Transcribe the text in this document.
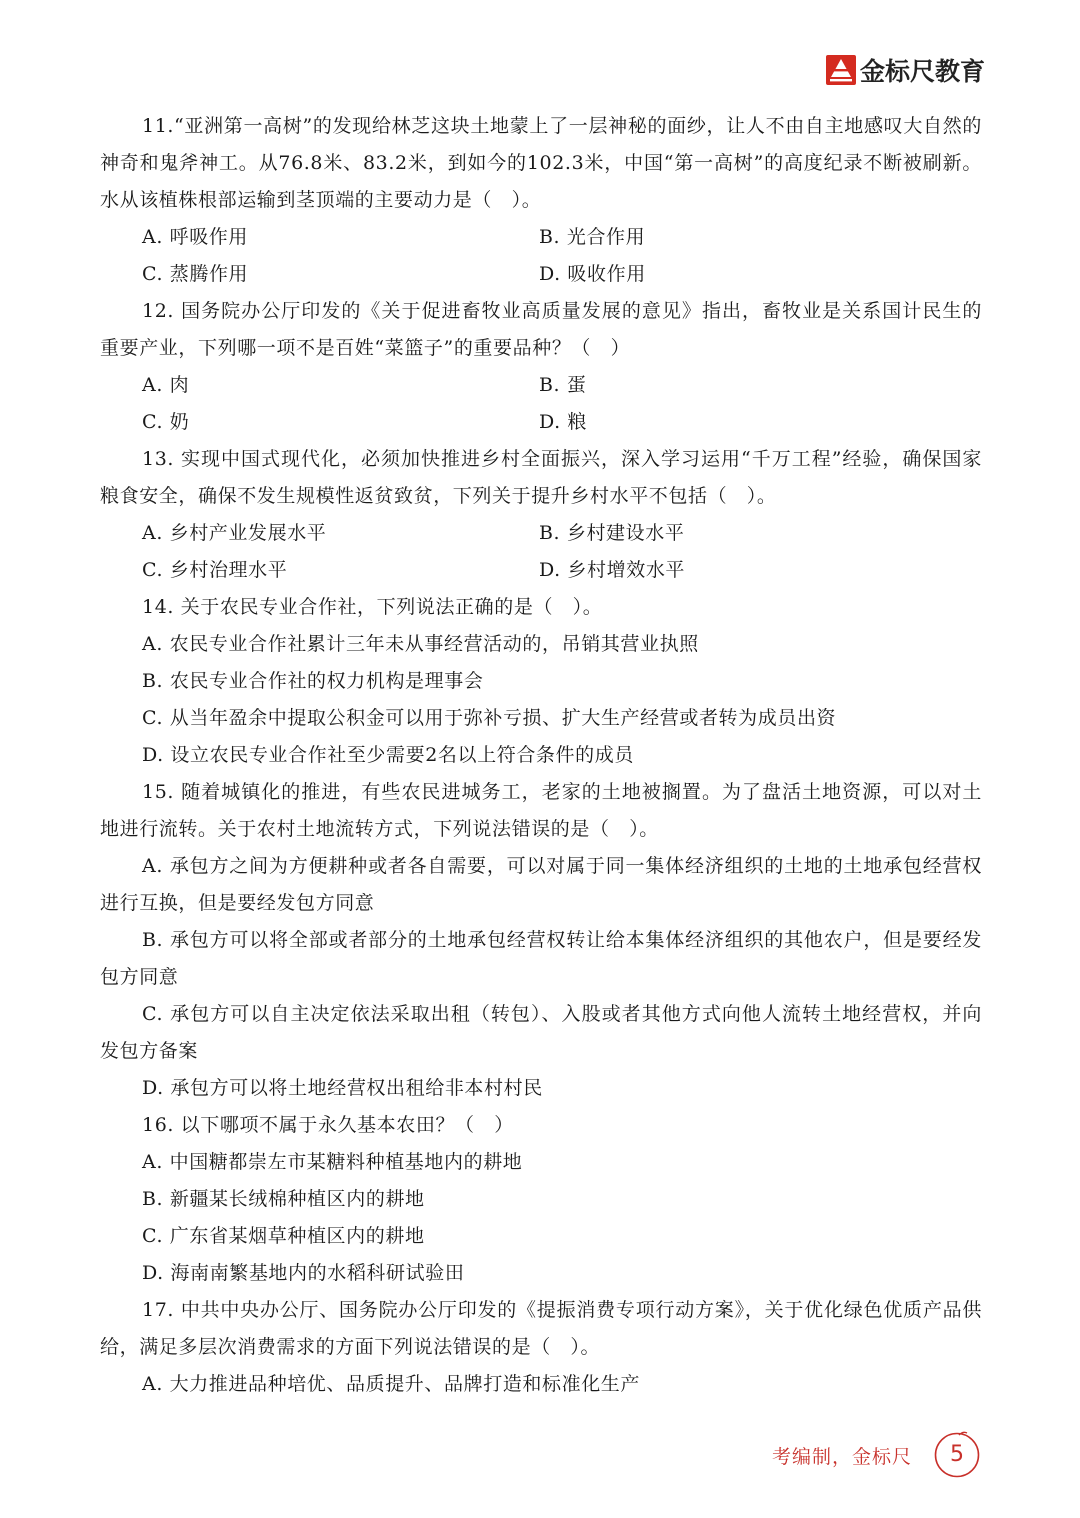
金标尺教育

11.“亚洲第一高树”的发现给林芝这块土地蒙上了一层神秘的面纱，让人不由自主地感叹大自然的神奇和鬼斧神工。从76.8米、83.2米，到如今的102.3米，中国“第一高树”的高度纪录不断被刷新。水从该植株根部运输到茎顶端的主要动力是（　）。

A. 呼吸作用	B. 光合作用

C. 蒸腾作用	D. 吸收作用

12. 国务院办公厅印发的《关于促进畜牧业高质量发展的意见》指出，畜牧业是关系国计民生的重要产业，下列哪一项不是百姓“菜篮子”的重要品种？（　）

A. 肉	B. 蛋

C. 奶	D. 粮

13. 实现中国式现代化，必须加快推进乡村全面振兴，深入学习运用“千万工程”经验，确保国家粮食安全，确保不发生规模性返贫致贫，下列关于提升乡村水平不包括（　）。

A. 乡村产业发展水平	B. 乡村建设水平

C. 乡村治理水平	D. 乡村增效水平

14. 关于农民专业合作社，下列说法正确的是（　）。

A. 农民专业合作社累计三年未从事经营活动的，吊销其营业执照

B. 农民专业合作社的权力机构是理事会

C. 从当年盈余中提取公积金可以用于弥补亏损、扩大生产经营或者转为成员出资

D. 设立农民专业合作社至少需要2名以上符合条件的成员

15. 随着城镇化的推进，有些农民进城务工，老家的土地被搁置。为了盘活土地资源，可以对土地进行流转。关于农村土地流转方式，下列说法错误的是（　）。

A. 承包方之间为方便耕种或者各自需要，可以对属于同一集体经济组织的土地的土地承包经营权进行互换，但是要经发包方同意

B. 承包方可以将全部或者部分的土地承包经营权转让给本集体经济组织的其他农户，但是要经发包方同意

C. 承包方可以自主决定依法采取出租（转包）、入股或者其他方式向他人流转土地经营权，并向发包方备案

D. 承包方可以将土地经营权出租给非本村村民

16. 以下哪项不属于永久基本农田？（　）

A. 中国糖都崇左市某糖料种植基地内的耕地

B. 新疆某长绒棉种植区内的耕地

C. 广东省某烟草种植区内的耕地

D. 海南南繁基地内的水稻科研试验田

17. 中共中央办公厅、国务院办公厅印发的《提振消费专项行动方案》，关于优化绿色优质产品供给，满足多层次消费需求的方面下列说法错误的是（　）。

A. 大力推进品种培优、品质提升、品牌打造和标准化生产

考编制，金标尺	5
